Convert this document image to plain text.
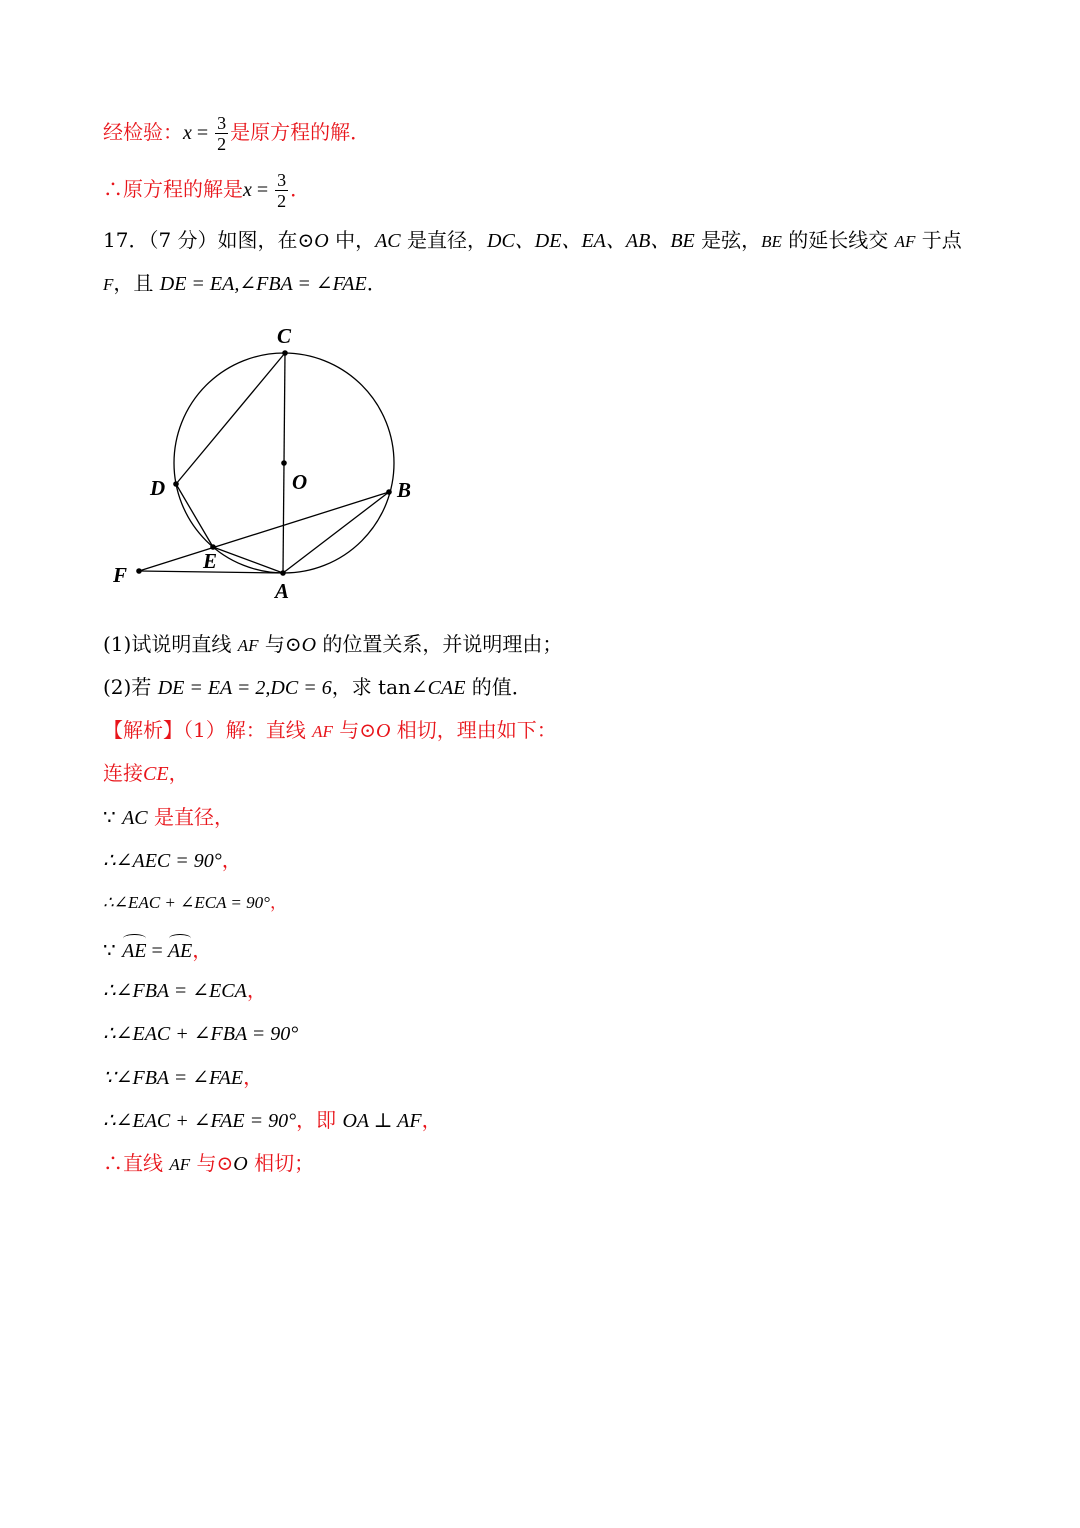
经检验：$x = \frac{3}{2}$ 是原方程的解．
∴原方程的解是$x = \frac{3}{2}$ ．
17．（7 分）如图，在⊙O 中，AC 是直径，DC、DE、EA、AB、BE 是弦，BE 的延长线交 AF 于点
F，且 DE = EA,∠FBA = ∠FAE．
C
O
D	B
E
F
A
(1)试说明直线 AF 与⊙O 的位置关系，并说明理由；
(2)若 DE = EA = 2,DC = 6，求 tan∠CAE 的值．
【解析】（1）解：直线 AF 与⊙O 相切，理由如下：
连接CE，
∵ AC 是直径，
∴∠AEC = 90°，
∴∠EAC + ∠ECA = 90°，
∵ AE = AE，
∴∠FBA = ∠ECA，
∴∠EAC + ∠FBA = 90°
∵∠FBA = ∠FAE，
∴∠EAC + ∠FAE = 90°，即 OA ⊥ AF，
∴直线 AF 与⊙O 相切；
